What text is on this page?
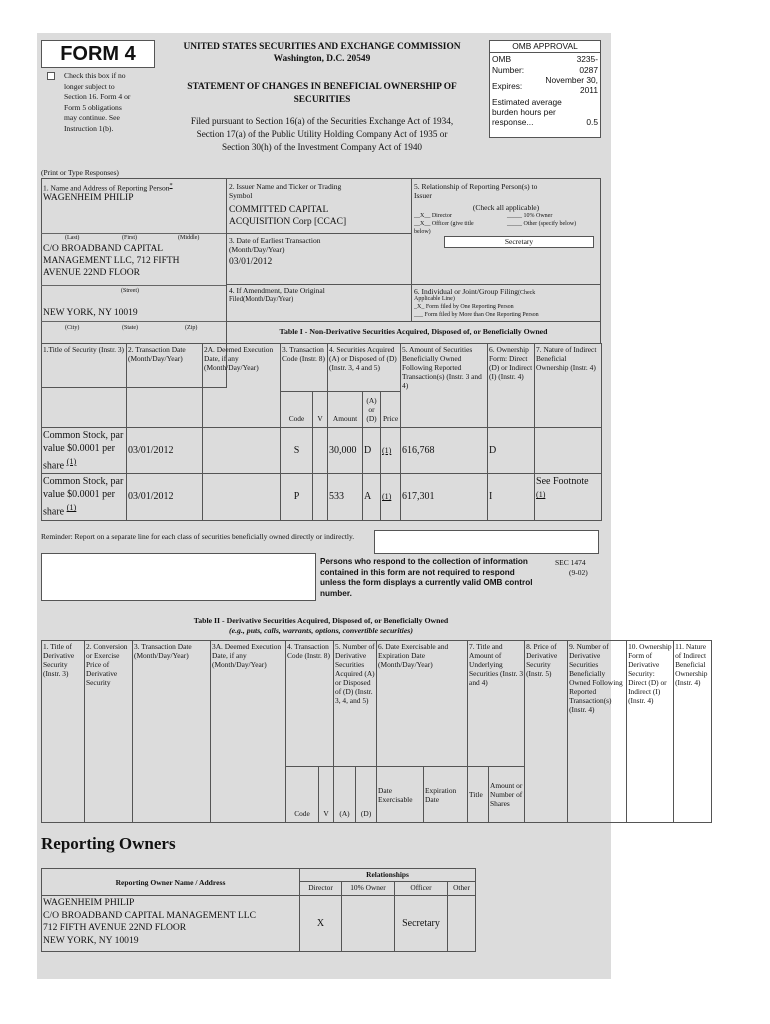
FORM 4
Check this box if no
longer subject to
Section 16. Form 4 or
Form 5 obligations
may continue. See
Instruction 1(b).
UNITED STATES SECURITIES AND EXCHANGE COMMISSION
Washington, D.C. 20549
STATEMENT OF CHANGES IN BENEFICIAL OWNERSHIP OF
SECURITIES
Filed pursuant to Section 16(a) of the Securities Exchange Act of 1934,
Section 17(a) of the Public Utility Holding Company Act of 1935 or
Section 30(h) of the Investment Company Act of 1940
OMB APPROVAL
OMB Number:
3235-0287
Expires:
November 30,
2011
Estimated average
burden hours per
response...	0.5
(Print or Type Responses)
1. Name and Address of Reporting Person*
WAGENHEIM PHILIP
(Last)	(First)	(Middle)
C/O BROADBAND CAPITAL
MANAGEMENT LLC, 712 FIFTH
AVENUE 22ND FLOOR
(Street)
NEW YORK, NY 10019
(City)	(State)	(Zip)
2. Issuer Name and Ticker or Trading
Symbol
COMMITTED CAPITAL
ACQUISITION Corp [CCAC]
3. Date of Earliest Transaction
(Month/Day/Year)
03/01/2012
4. If Amendment, Date Original
Filed(Month/Day/Year)
5. Relationship of Reporting Person(s) to
Issuer
(Check all applicable)
__X__ Director	_____ 10% Owner
__X__ Officer (give title	_____ Other (specify below)
below)
Secretary
6. Individual or Joint/Group Filing(Check
Applicable Line)
_X_ Form filed by One Reporting Person
___ Form filed by More than One Reporting Person
Table I - Non-Derivative Securities Acquired, Disposed of, or Beneficially Owned
1.Title of Security (Instr. 3)	2. Transaction Date (Month/Day/Year)	2A. Deemed Execution Date, if any (Month/Day/Year)	3. Transaction Code (Instr. 8)		4. Securities Acquired (A) or Disposed of (D) (Instr. 3, 4 and 5)			5. Amount of Securities Beneficially Owned Following Reported Transaction(s) (Instr. 3 and 4)	6. Ownership Form: Direct (D) or Indirect (I) (Instr. 4)	7. Nature of Indirect Beneficial Ownership (Instr. 4)
			Code	V	Amount	(A) or (D)	Price			
Common Stock, par value $0.0001 per share $^{(1)}$	03/01/2012		S		30,000	D	(1)	616,768	D	
Common Stock, par value $0.0001 per share $^{(1)}$	03/01/2012		P		533	A	(1)	617,301	I	See Footnote
(1)
Reminder: Report on a separate line for each class of securities beneficially owned directly or indirectly.
Persons who respond to the collection of information contained in this form are not required to respond unless the form displays a currently valid OMB control number.
SEC 1474
(9-02)
Table II - Derivative Securities Acquired, Disposed of, or Beneficially Owned
(e.g., puts, calls, warrants, options, convertible securities)
1. Title of Derivative Security (Instr. 3)	2. Conversion or Exercise Price of Derivative Security	3. Transaction Date (Month/Day/Year)	3A. Deemed Execution Date, if any (Month/Day/Year)	4. Transaction Code (Instr. 8)		5. Number of Derivative Securities Acquired (A) or Disposed of (D) (Instr. 3, 4, and 5)		6. Date Exercisable and Expiration Date (Month/Day/Year)		7. Title and Amount of Underlying Securities (Instr. 3 and 4)		8. Price of Derivative Security (Instr. 5)	9. Number of Derivative Securities Beneficially Owned Following Reported Transaction(s) (Instr. 4)	10. Ownership Form of Derivative Security: Direct (D) or Indirect (I) (Instr. 4)	11. Nature of Indirect Beneficial Ownership (Instr. 4)
				Code	V	(A)	(D)	Date Exercisable	Expiration Date	Title	Amount or Number of Shares				
Reporting Owners
Reporting Owner Name / Address	Relationships			
	Director	10% Owner	Officer	Other

WAGENHEIM PHILIP
C/O BROADBAND CAPITAL MANAGEMENT LLC
712 FIFTH AVENUE 22ND FLOOR
NEW YORK, NY 10019	X		Secretary	
